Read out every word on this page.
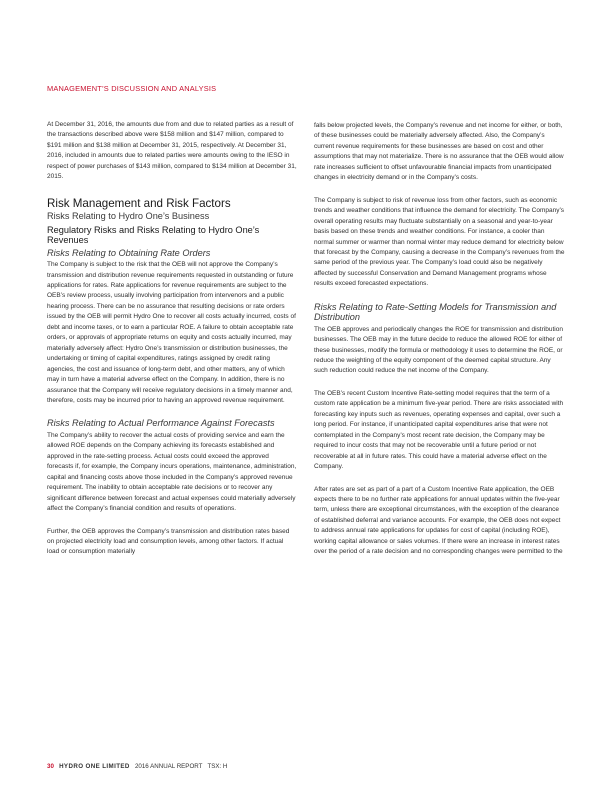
MANAGEMENT’S DISCUSSION AND ANALYSIS

At December 31, 2016, the amounts due from and due to related parties as a result of the transactions described above were $158 million and $147 million, compared to $191 million and $138 million at December 31, 2015, respectively. At December 31, 2016, included in amounts due to related parties were amounts owing to the IESO in respect of power purchases of $143 million, compared to $134 million at December 31, 2015.

Risk Management and Risk Factors
Risks Relating to Hydro One’s Business
Regulatory Risks and Risks Relating to Hydro One’s Revenues
Risks Relating to Obtaining Rate Orders

The Company is subject to the risk that the OEB will not approve the Company’s transmission and distribution revenue requirements requested in outstanding or future applications for rates. Rate applications for revenue requirements are subject to the OEB’s review process, usually involving participation from intervenors and a public hearing process. There can be no assurance that resulting decisions or rate orders issued by the OEB will permit Hydro One to recover all costs actually incurred, costs of debt and income taxes, or to earn a particular ROE. A failure to obtain acceptable rate orders, or approvals of appropriate returns on equity and costs actually incurred, may materially adversely affect: Hydro One’s transmission or distribution businesses, the undertaking or timing of capital expenditures, ratings assigned by credit rating agencies, the cost and issuance of long-term debt, and other matters, any of which may in turn have a material adverse effect on the Company. In addition, there is no assurance that the Company will receive regulatory decisions in a timely manner and, therefore, costs may be incurred prior to having an approved revenue requirement.

Risks Relating to Actual Performance Against Forecasts

The Company’s ability to recover the actual costs of providing service and earn the allowed ROE depends on the Company achieving its forecasts established and approved in the rate-setting process. Actual costs could exceed the approved forecasts if, for example, the Company incurs operations, maintenance, administration, capital and financing costs above those included in the Company’s approved revenue requirement. The inability to obtain acceptable rate decisions or to recover any significant difference between forecast and actual expenses could materially adversely affect the Company’s financial condition and results of operations.

Further, the OEB approves the Company’s transmission and distribution rates based on projected electricity load and consumption levels, among other factors. If actual load or consumption materially

falls below projected levels, the Company’s revenue and net income for either, or both, of these businesses could be materially adversely affected. Also, the Company’s current revenue requirements for these businesses are based on cost and other assumptions that may not materialize. There is no assurance that the OEB would allow rate increases sufficient to offset unfavourable financial impacts from unanticipated changes in electricity demand or in the Company’s costs.

The Company is subject to risk of revenue loss from other factors, such as economic trends and weather conditions that influence the demand for electricity. The Company’s overall operating results may fluctuate substantially on a seasonal and year-to-year basis based on these trends and weather conditions. For instance, a cooler than normal summer or warmer than normal winter may reduce demand for electricity below that forecast by the Company, causing a decrease in the Company’s revenues from the same period of the previous year. The Company’s load could also be negatively affected by successful Conservation and Demand Management programs whose results exceed forecasted expectations.

Risks Relating to Rate-Setting Models for Transmission and Distribution

The OEB approves and periodically changes the ROE for transmission and distribution businesses. The OEB may in the future decide to reduce the allowed ROE for either of these businesses, modify the formula or methodology it uses to determine the ROE, or reduce the weighting of the equity component of the deemed capital structure. Any such reduction could reduce the net income of the Company.

The OEB’s recent Custom Incentive Rate-setting model requires that the term of a custom rate application be a minimum five-year period. There are risks associated with forecasting key inputs such as revenues, operating expenses and capital, over such a long period. For instance, if unanticipated capital expenditures arise that were not contemplated in the Company’s most recent rate decision, the Company may be required to incur costs that may not be recoverable until a future period or not recoverable at all in future rates. This could have a material adverse effect on the Company.

After rates are set as part of a part of a Custom Incentive Rate application, the OEB expects there to be no further rate applications for annual updates within the five-year term, unless there are exceptional circumstances, with the exception of the clearance of established deferral and variance accounts. For example, the OEB does not expect to address annual rate applications for updates for cost of capital (including ROE), working capital allowance or sales volumes. If there were an increase in interest rates over the period of a rate decision and no corresponding changes were permitted to the

30 HYDRO ONE LIMITED 2016 ANNUAL REPORT TSX: H
